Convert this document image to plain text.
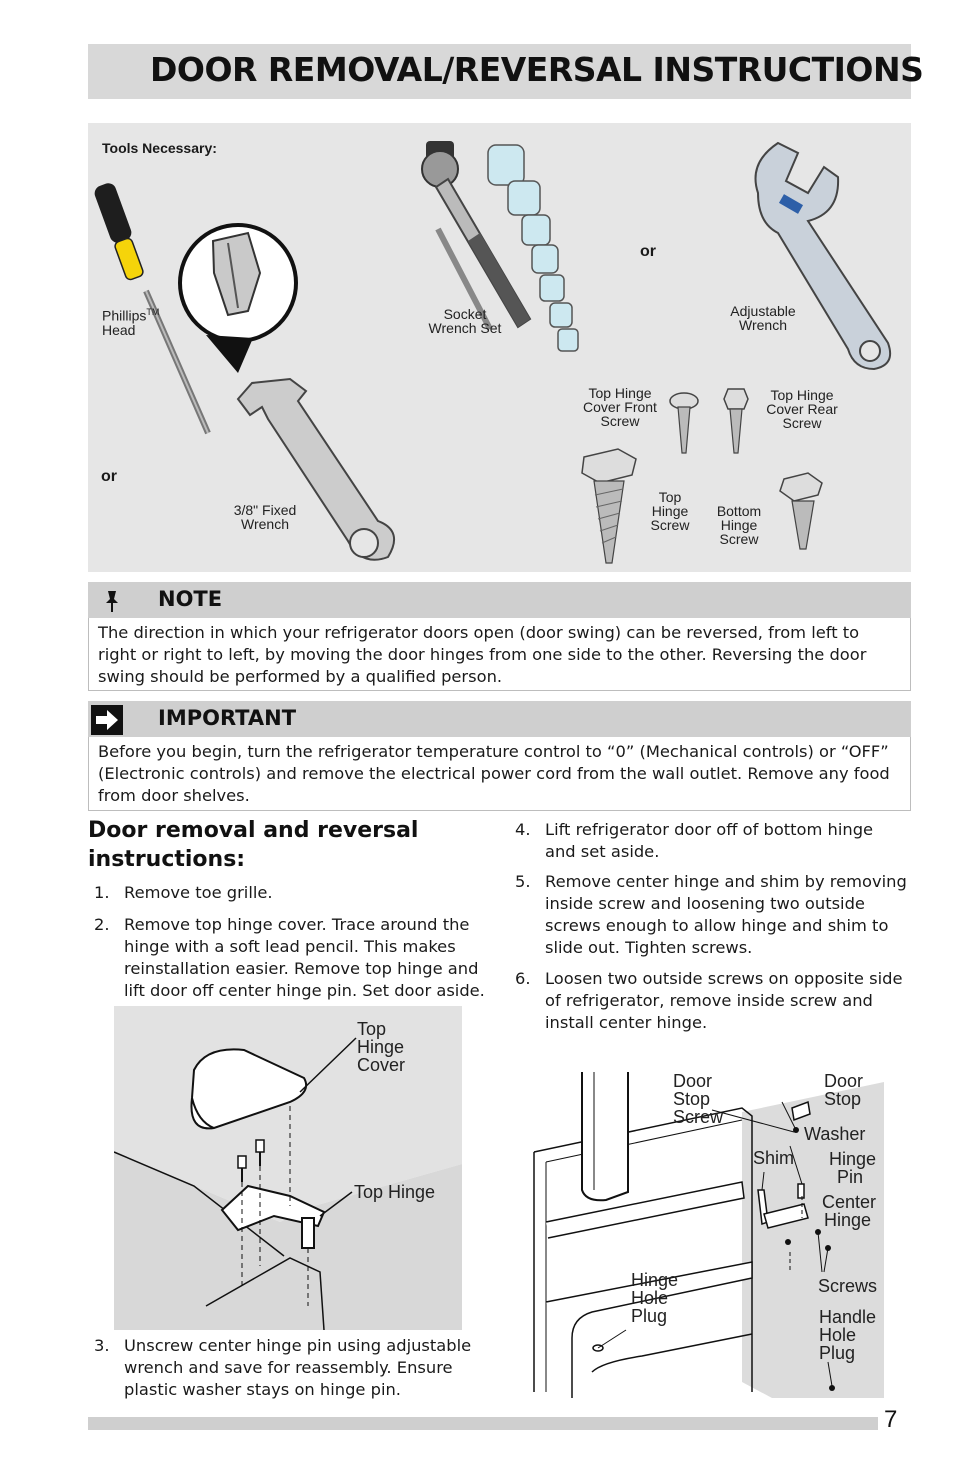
DOOR REMOVAL/REVERSAL INSTRUCTIONS
Tools Necessary:
Phillips™
Head
Socket
Wrench Set
or
Adjustable
Wrench
or
3/8" Fixed
Wrench
Top Hinge
Cover Front
Screw
Top Hinge
Cover Rear
Screw
Top
Hinge
Screw
Bottom
Hinge
Screw
NOTE

The direction in which your refrigerator doors open (door swing) can be reversed, from left to right or right to left, by moving the door hinges from one side to the other. Reversing the door swing should be performed by a qualified person.

IMPORTANT

Before you begin, turn the refrigerator temperature control to “0” (Mechanical controls) or “OFF” (Electronic controls) and remove the electrical power cord from the wall outlet. Remove any food from door shelves.

Door removal and reversal instructions:
1. Remove toe grille.
2. Remove top hinge cover. Trace around the hinge with a soft lead pencil. This makes reinstallation easier. Remove top hinge and lift door off center hinge pin. Set door aside.
Top
Hinge
Cover
Top Hinge
3. Unscrew center hinge pin using adjustable wrench and save for reassembly. Ensure plastic washer stays on hinge pin.
4. Lift refrigerator door off of bottom hinge and set aside.
5. Remove center hinge and shim by removing inside screw and loosening two outside screws enough to allow hinge and shim to slide out. Tighten screws.
6. Loosen two outside screws on opposite side of refrigerator, remove inside screw and install center hinge.
Door
Stop
Screw
Door
Stop
Washer
Shim Hinge
Pin
Center
Hinge
Screws
Hinge
Hole
Plug	Handle
Hole
Plug
7
